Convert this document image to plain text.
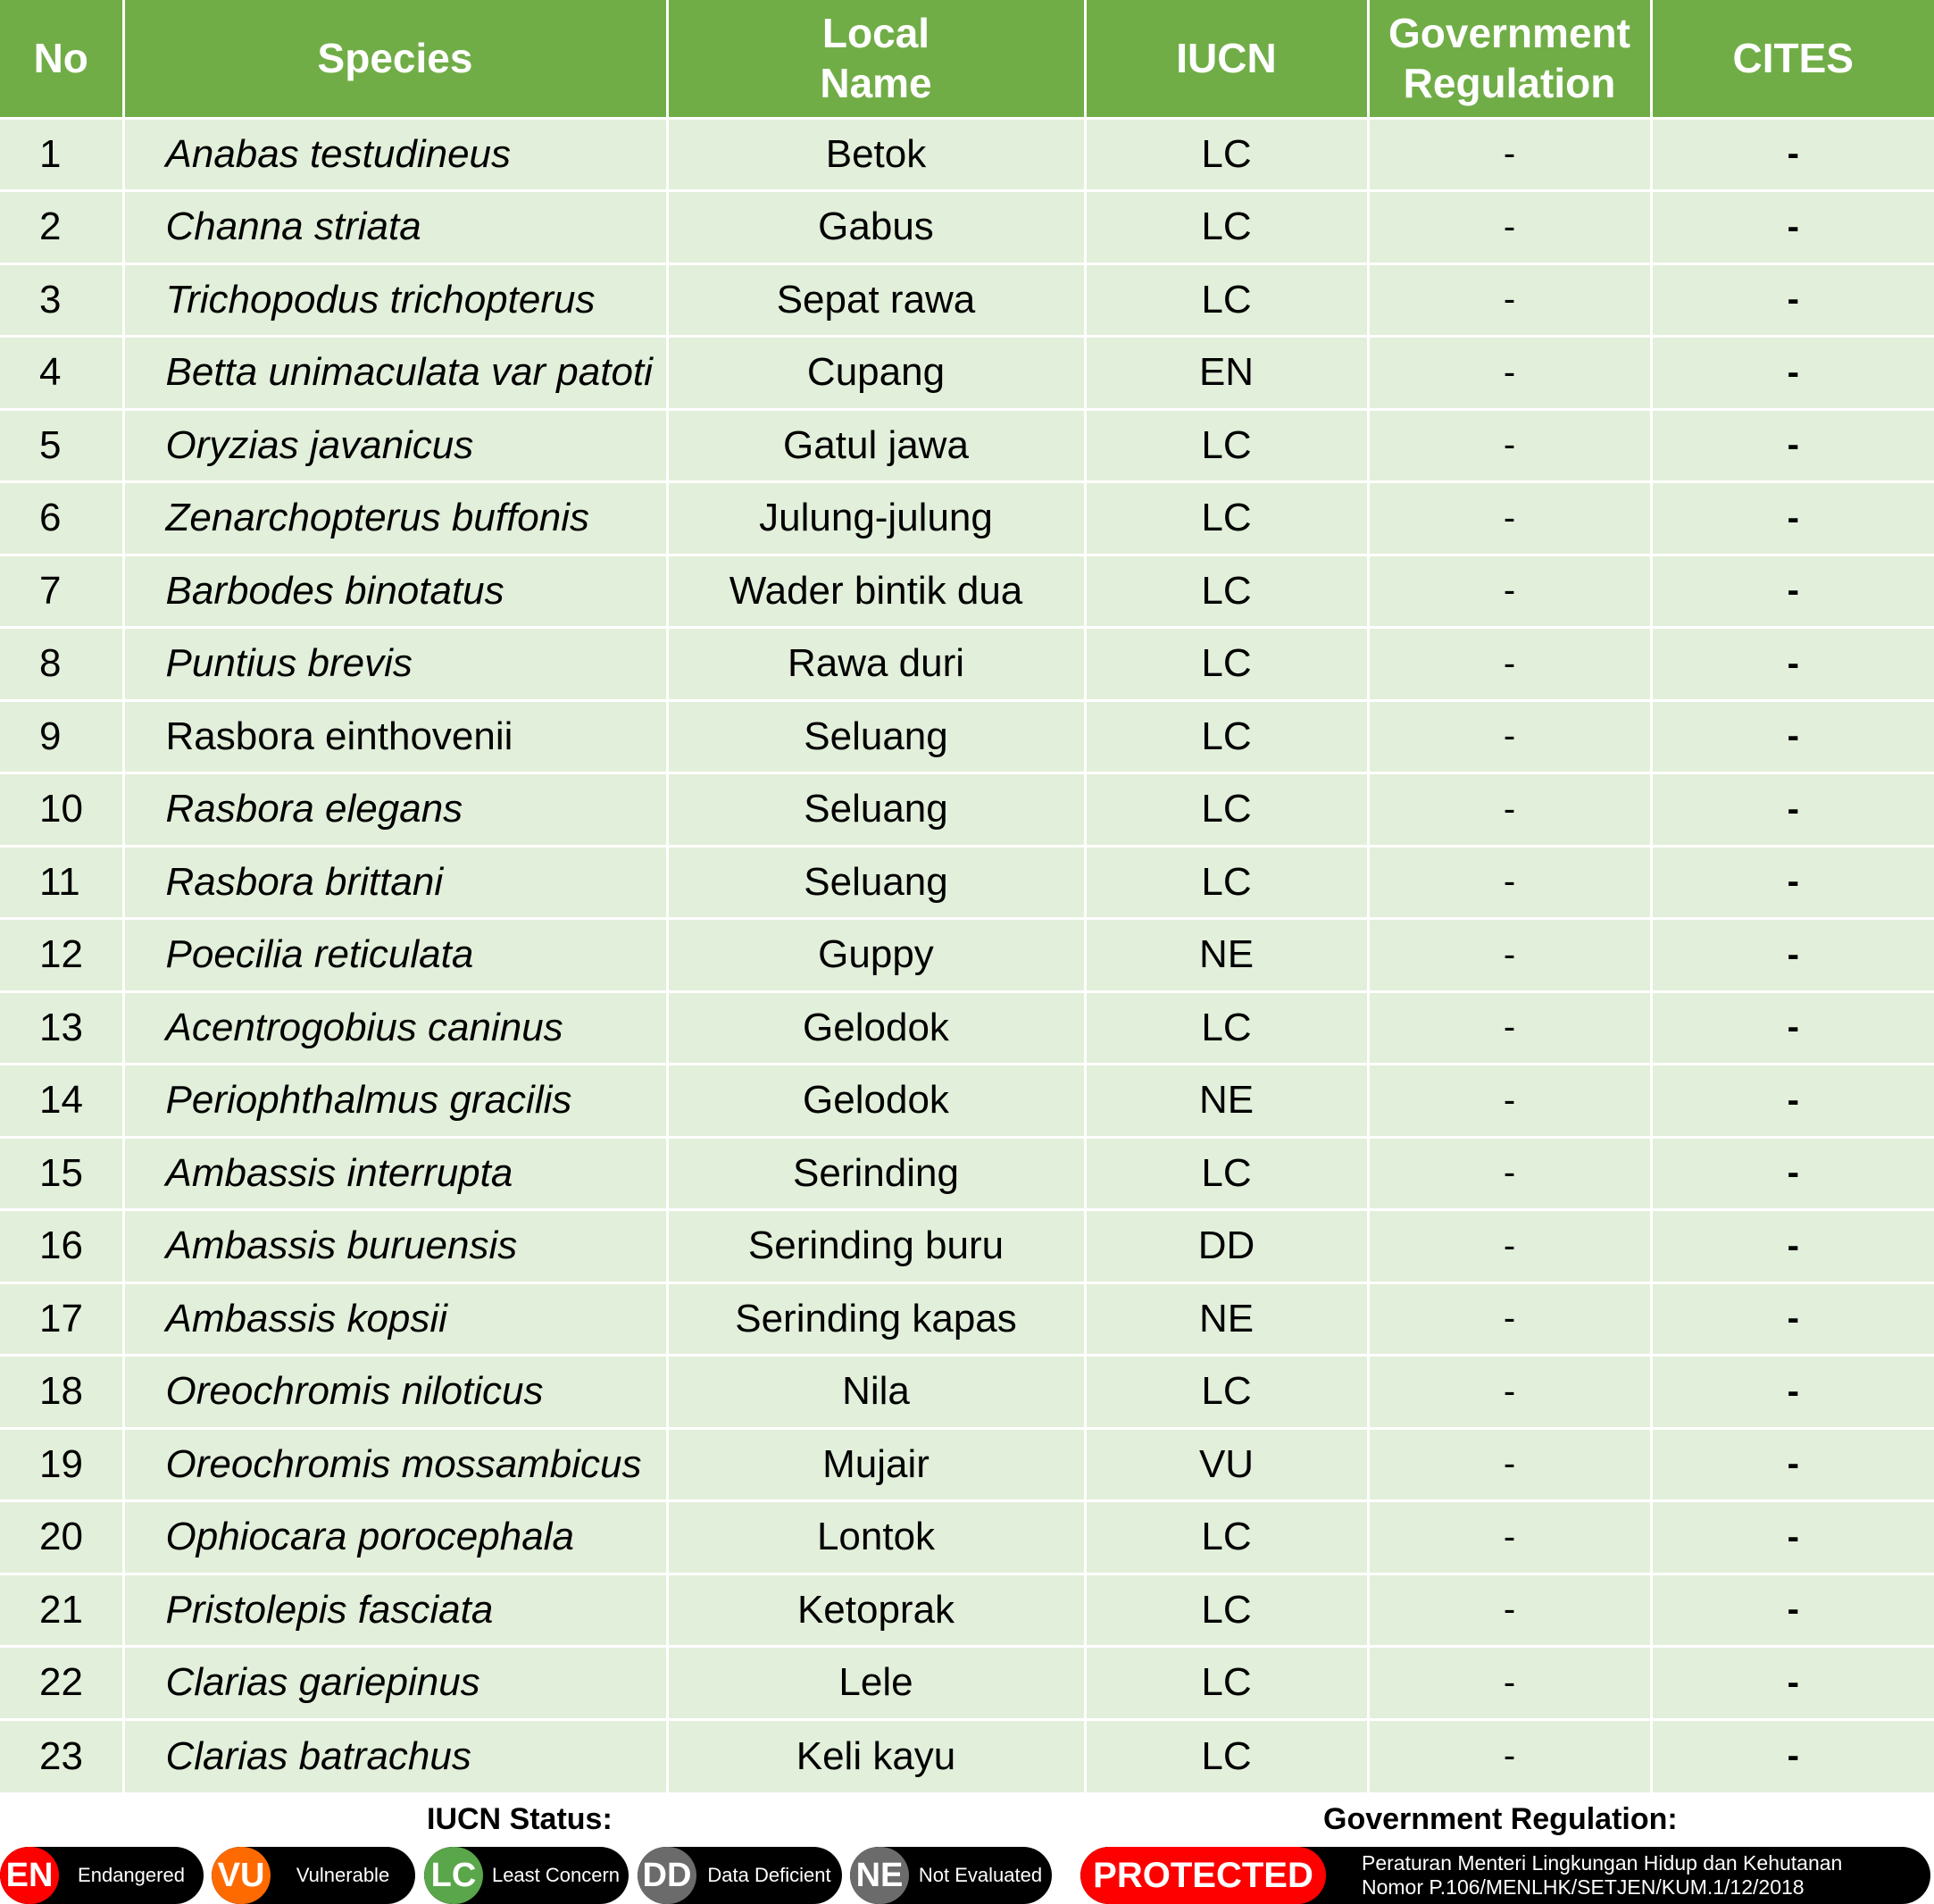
No	Species	Local Name	IUCN	Government Regulation	CITES
1	Anabas testudineus	Betok	LC	-	-
2	Channa striata	Gabus	LC	-	-
3	Trichopodus trichopterus	Sepat rawa	LC	-	-
4	Betta unimaculata var patoti	Cupang	EN	-	-
5	Oryzias javanicus	Gatul jawa	LC	-	-
6	Zenarchopterus buffonis	Julung-julung	LC	-	-
7	Barbodes binotatus	Wader bintik dua	LC	-	-
8	Puntius brevis	Rawa duri	LC	-	-
9	Rasbora einthovenii	Seluang	LC	-	-
10	Rasbora elegans	Seluang	LC	-	-
11	Rasbora brittani	Seluang	LC	-	-
12	Poecilia reticulata	Guppy	NE	-	-
13	Acentrogobius caninus	Gelodok	LC	-	-
14	Periophthalmus gracilis	Gelodok	NE	-	-
15	Ambassis interrupta	Serinding	LC	-	-
16	Ambassis buruensis	Serinding buru	DD	-	-
17	Ambassis kopsii	Serinding kapas	NE	-	-
18	Oreochromis niloticus	Nila	LC	-	-
19	Oreochromis mossambicus	Mujair	VU	-	-
20	Ophiocara porocephala	Lontok	LC	-	-
21	Pristolepis fasciata	Ketoprak	LC	-	-
22	Clarias gariepinus	Lele	LC	-	-
23	Clarias batrachus	Keli kayu	LC	-	-
IUCN Status:	Government Regulation:
EN	Endangered VU	Vulnerable	LC Least Concern DD Data Deficient NE Not Evaluated	PROTECTED	Peraturan Menteri Lingkungan Hidup dan Kehutanan
Nomor P.106/MENLHK/SETJEN/KUM.1/12/2018
